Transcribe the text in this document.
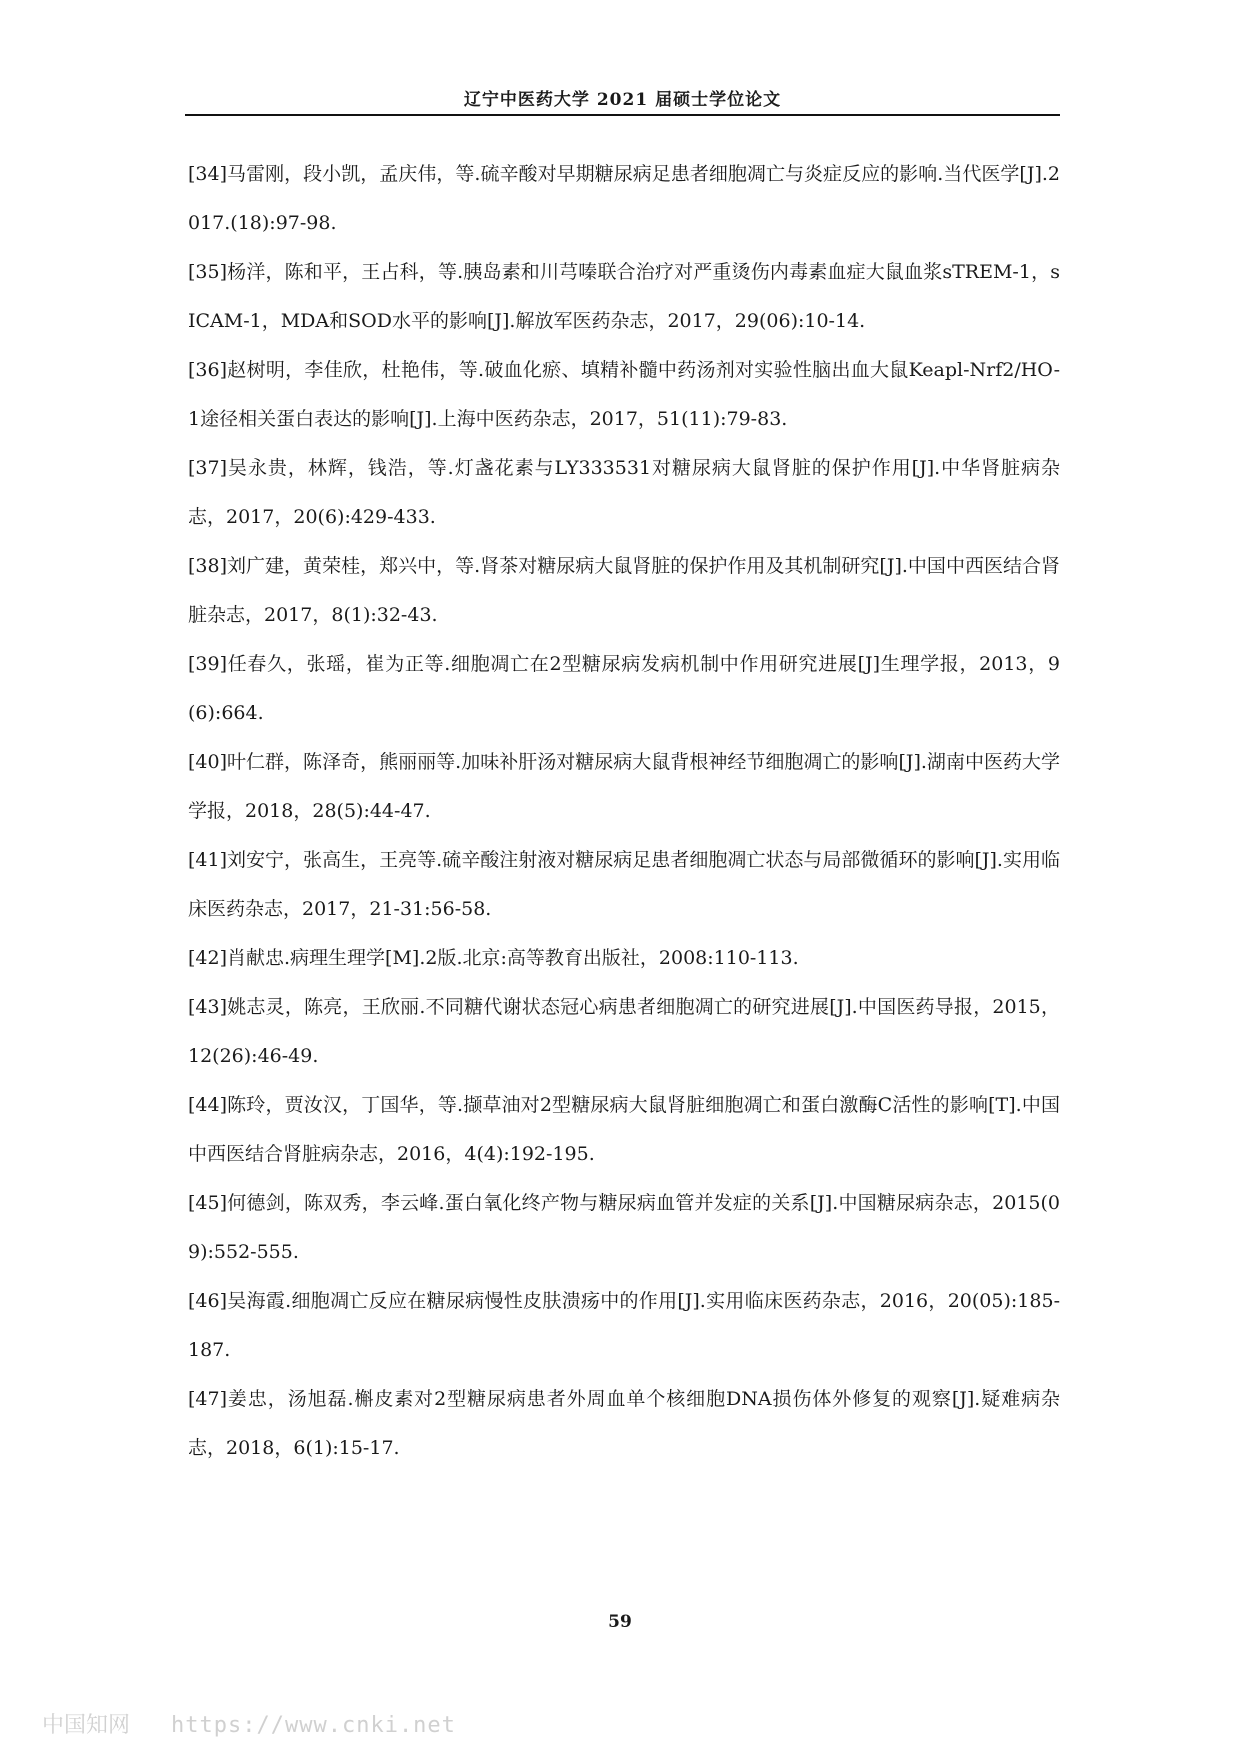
辽宁中医药大学 2021 届硕士学位论文
[34]马雷刚，段小凯，孟庆伟，等.硫辛酸对早期糖尿病足患者细胞凋亡与炎症反应的影响.当代医学[J].2017.(18):97-98.
[35]杨洋，陈和平，王占科，等.胰岛素和川芎嗪联合治疗对严重烫伤内毒素血症大鼠血浆sTREM-1，sICAM-1，MDA和SOD水平的影响[J].解放军医药杂志，2017，29(06):10-14.
[36]赵树明，李佳欣，杜艳伟，等.破血化瘀、填精补髓中药汤剂对实验性脑出血大鼠Keapl-Nrf2/HO-1途径相关蛋白表达的影响[J].上海中医药杂志，2017，51(11):79-83.
[37]吴永贵，林辉，钱浩，等.灯盏花素与LY333531对糖尿病大鼠肾脏的保护作用[J].中华肾脏病杂志，2017，20(6):429-433.
[38]刘广建，黄荣桂，郑兴中，等.肾茶对糖尿病大鼠肾脏的保护作用及其机制研究[J].中国中西医结合肾脏杂志，2017，8(1):32-43.
[39]任春久，张瑶，崔为正等.细胞凋亡在2型糖尿病发病机制中作用研究进展[J]生理学报，2013，9(6):664.
[40]叶仁群，陈泽奇，熊丽丽等.加味补肝汤对糖尿病大鼠背根神经节细胞凋亡的影响[J].湖南中医药大学学报，2018，28(5):44-47.
[41]刘安宁，张高生，王亮等.硫辛酸注射液对糖尿病足患者细胞凋亡状态与局部微循环的影响[J].实用临床医药杂志，2017，21-31:56-58.
[42]肖献忠.病理生理学[M].2版.北京:高等教育出版社，2008:110-113.
[43]姚志灵，陈亮，王欣丽.不同糖代谢状态冠心病患者细胞凋亡的研究进展[J].中国医药导报，2015，12(26):46-49.
[44]陈玲，贾汝汉，丁国华，等.撷草油对2型糖尿病大鼠肾脏细胞凋亡和蛋白激酶C活性的影响[T].中国中西医结合肾脏病杂志，2016，4(4):192-195.
[45]何德剑，陈双秀，李云峰.蛋白氧化终产物与糖尿病血管并发症的关系[J].中国糖尿病杂志，2015(09):552-555.
[46]吴海霞.细胞凋亡反应在糖尿病慢性皮肤溃疡中的作用[J].实用临床医药杂志，2016，20(05):185-187.
[47]姜忠，汤旭磊.槲皮素对2型糖尿病患者外周血单个核细胞DNA损伤体外修复的观察[J].疑难病杂志，2018，6(1):15-17.
59
中国知网 https://www.cnki.net
